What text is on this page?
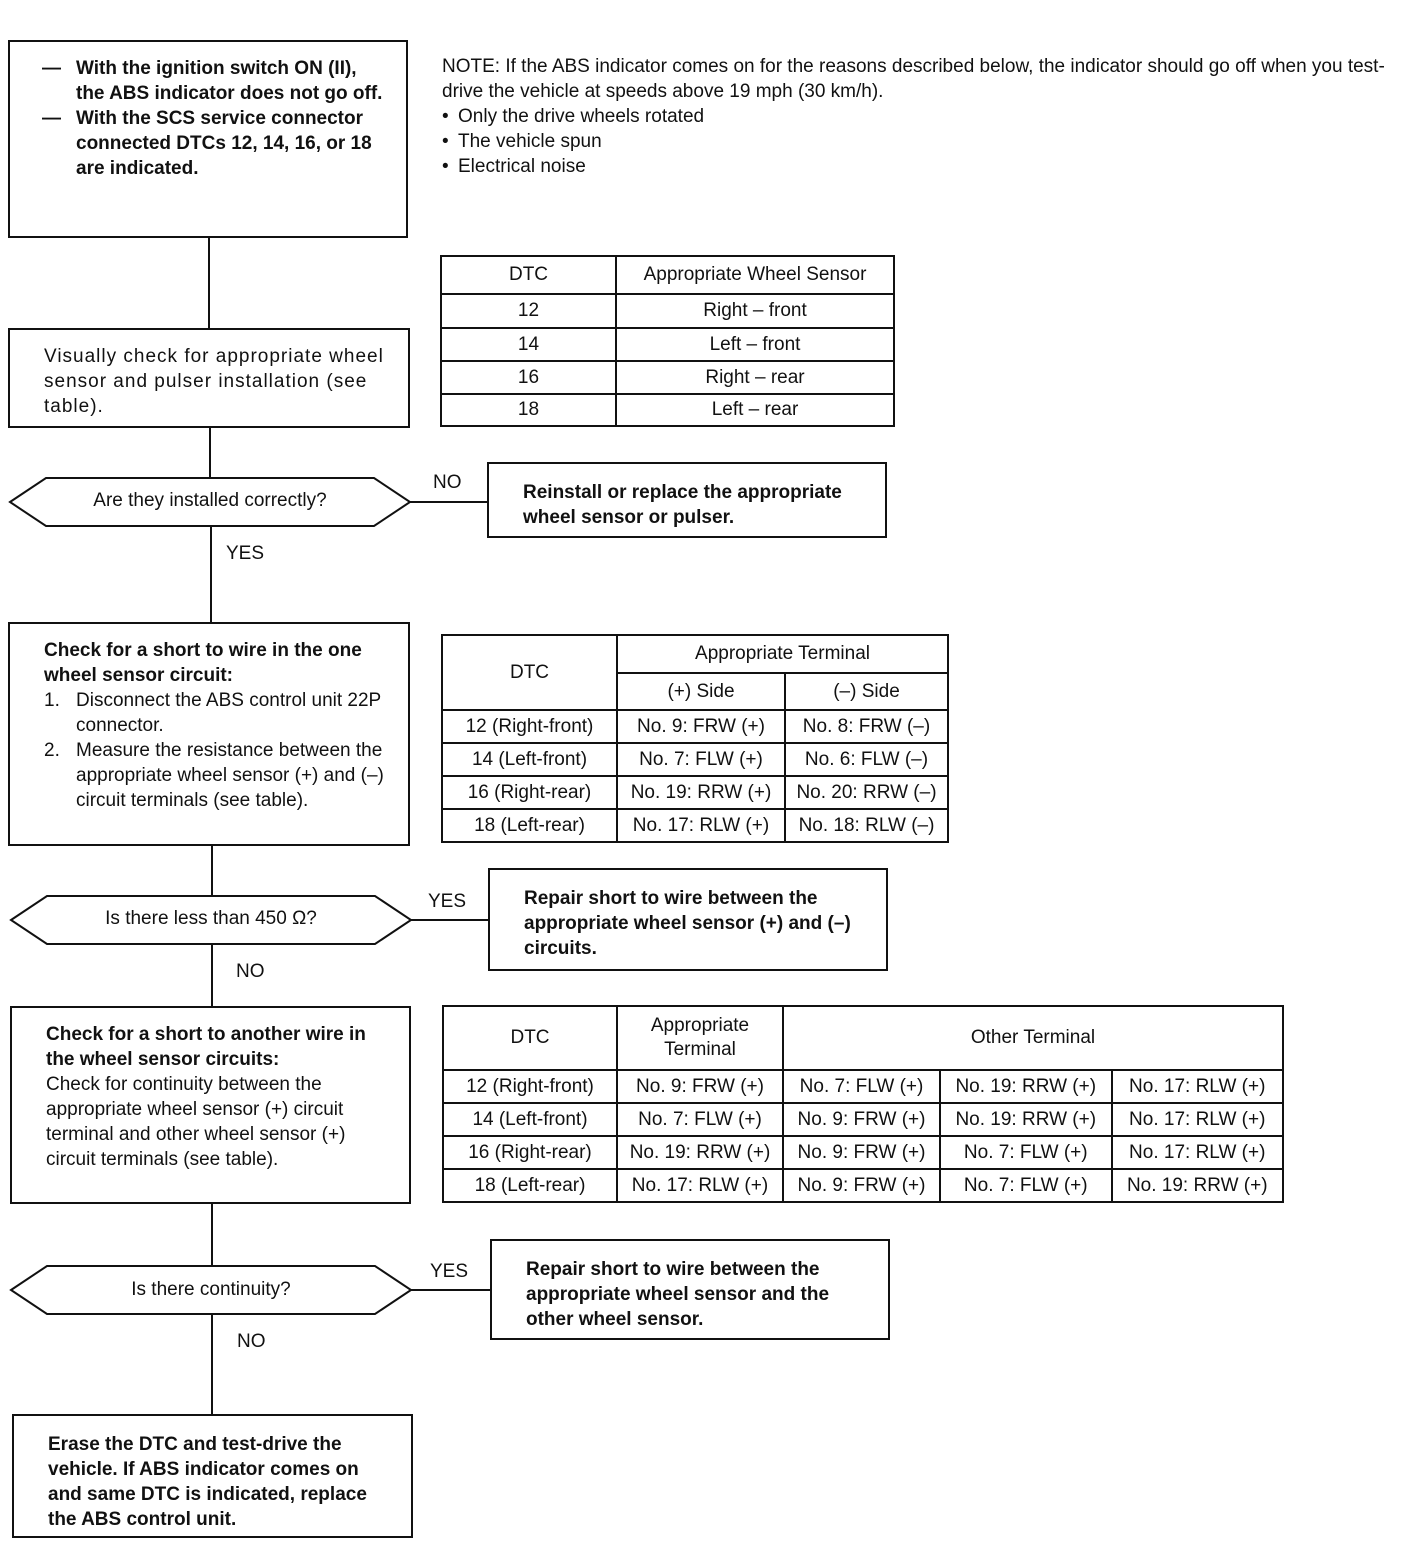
— With the ignition switch ON (II), the ABS indicator does not go off.
— With the SCS service connector connected DTCs 12, 14, 16, or 18 are indicated.
NOTE: If the ABS indicator comes on for the reasons described below, the indicator should go off when you test-drive the vehicle at speeds above 19 mph (30 km/h).
• Only the drive wheels rotated
• The vehicle spun
• Electrical noise
Visually check for appropriate wheel sensor and pulser installation (see table).
DTC	Appropriate Wheel Sensor
12	Right – front
14	Left – front
16	Right – rear
18	Left – rear
Are they installed correctly?
NO
YES
Reinstall or replace the appropriate wheel sensor or pulser.
Check for a short to wire in the one wheel sensor circuit:
1. Disconnect the ABS control unit 22P connector.
2. Measure the resistance between the appropriate wheel sensor (+) and (–) circuit terminals (see table).
DTC	Appropriate Terminal	
	(+) Side	(–) Side
12 (Right-front)	No. 9: FRW (+)	No. 8: FRW (–)
14 (Left-front)	No. 7: FLW (+)	No. 6: FLW (–)
16 (Right-rear)	No. 19: RRW (+)	No. 20: RRW (–)
18 (Left-rear)	No. 17: RLW (+)	No. 18: RLW (–)
Is there less than 450 Ω?
YES
NO
Repair short to wire between the appropriate wheel sensor (+) and (–) circuits.
Check for a short to another wire in the wheel sensor circuits:
Check for continuity between the appropriate wheel sensor (+) circuit terminal and other wheel sensor (+) circuit terminals (see table).
DTC	Appropriate Terminal	Other Terminal		
12 (Right-front)	No. 9: FRW (+)	No. 7: FLW (+)	No. 19: RRW (+)	No. 17: RLW (+)
14 (Left-front)	No. 7: FLW (+)	No. 9: FRW (+)	No. 19: RRW (+)	No. 17: RLW (+)
16 (Right-rear)	No. 19: RRW (+)	No. 9: FRW (+)	No. 7: FLW (+)	No. 17: RLW (+)
18 (Left-rear)	No. 17: RLW (+)	No. 9: FRW (+)	No. 7: FLW (+)	No. 19: RRW (+)
Is there continuity?
YES
NO
Repair short to wire between the appropriate wheel sensor and the other wheel sensor.
Erase the DTC and test-drive the vehicle. If ABS indicator comes on and same DTC is indicated, replace the ABS control unit.
